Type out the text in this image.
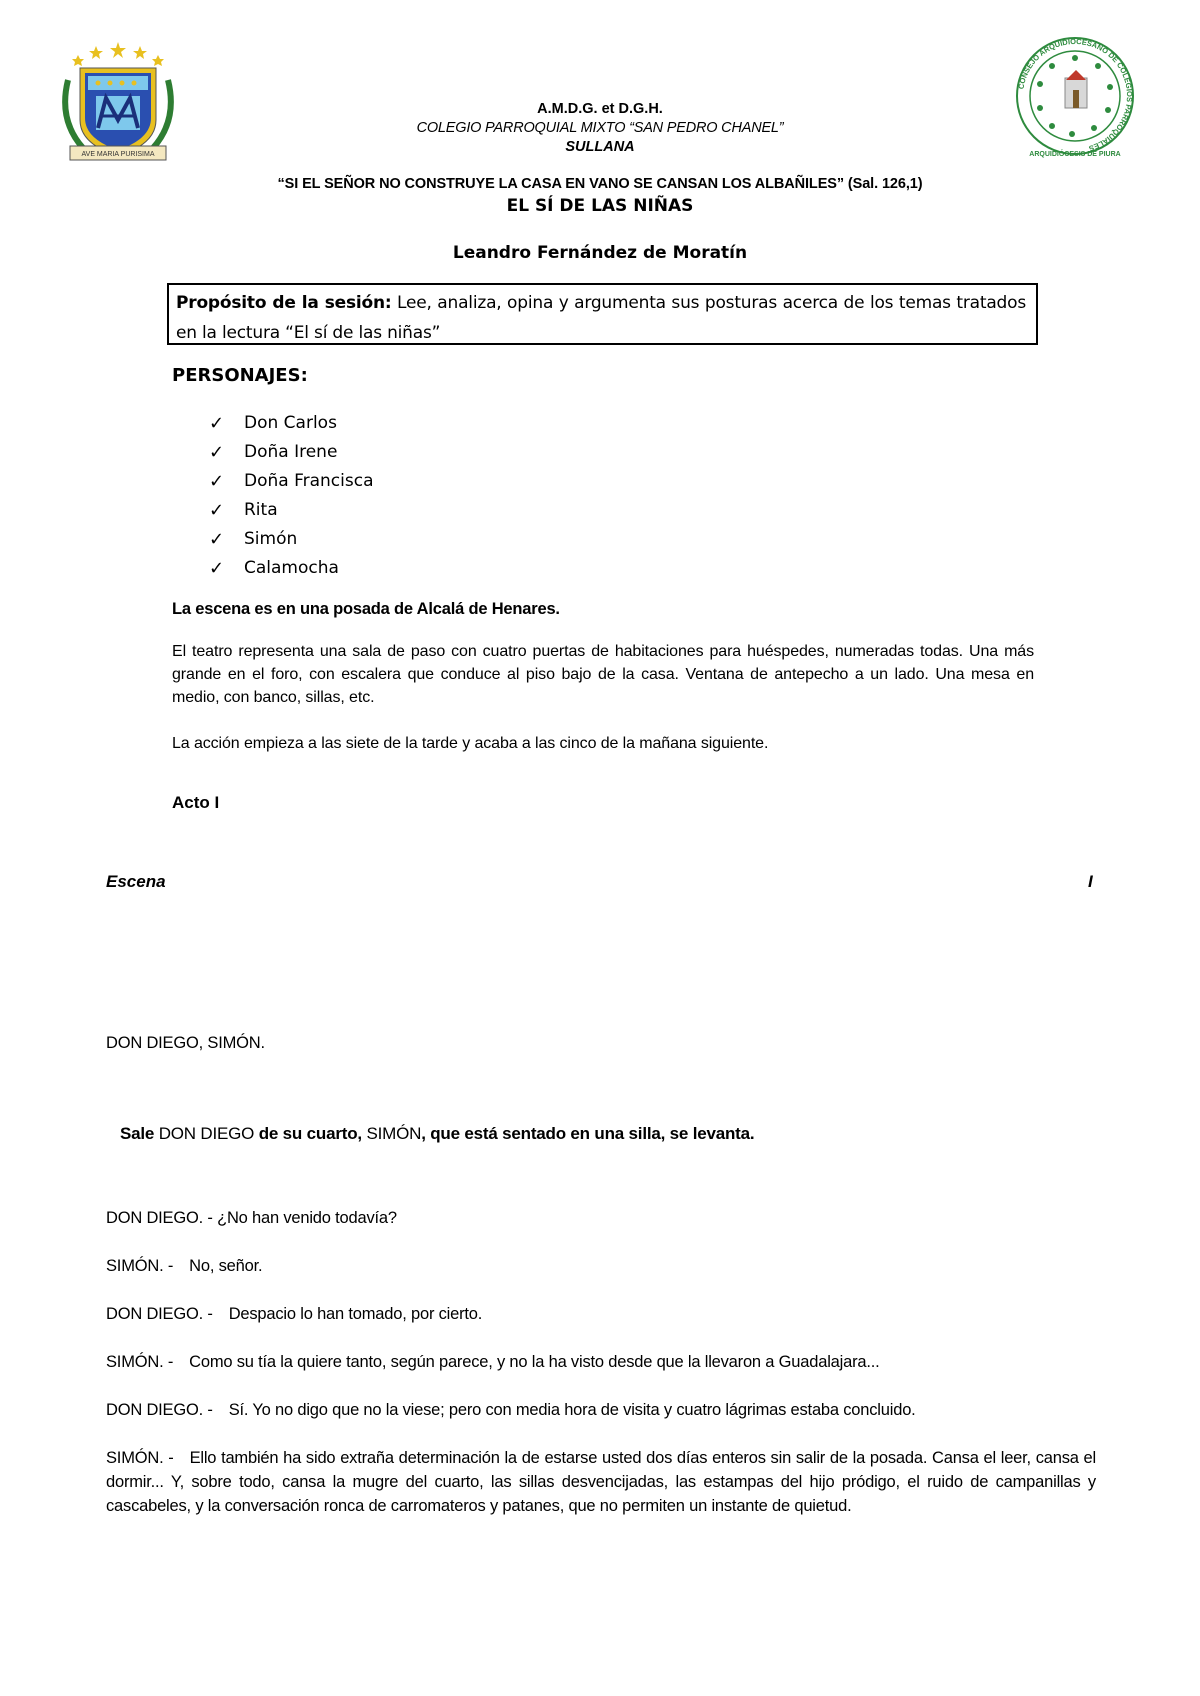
AVE MARIA PURISIMA
CONSEJO ARQUIDIOCESANO DE COLEGIOS PARROQUIALES
ARQUIDIÓCESIS DE PIURA
A.M.D.G. et D.G.H.
COLEGIO PARROQUIAL MIXTO “SAN PEDRO CHANEL”
SULLANA
“SI EL SEÑOR NO CONSTRUYE LA CASA EN VANO SE CANSAN LOS ALBAÑILES” (Sal. 126,1)
EL SÍ DE LAS NIÑAS
Leandro Fernández de Moratín
Propósito de la sesión: Lee, analiza, opina y argumenta sus posturas acerca de los temas tratados en la lectura “El sí de las niñas”
PERSONAJES:
✓	Don Carlos
✓	Doña Irene
✓	Doña Francisca
✓	Rita
✓	Simón
✓	Calamocha
La escena es en una posada de Alcalá de Henares.
El teatro representa una sala de paso con cuatro puertas de habitaciones para huéspedes, numeradas todas. Una más grande en el foro, con escalera que conduce al piso bajo de la casa. Ventana de antepecho a un lado. Una mesa en medio, con banco, sillas, etc.
La acción empieza a las siete de la tarde y acaba a las cinco de la mañana siguiente.
Acto I
Escena	I
DON DIEGO, SIMÓN.
Sale DON DIEGO de su cuarto, SIMÓN, que está sentado en una silla, se levanta.
DON DIEGO. - ¿No han venido todavía?
SIMÓN. - No, señor.
DON DIEGO. - Despacio lo han tomado, por cierto.
SIMÓN. - Como su tía la quiere tanto, según parece, y no la ha visto desde que la llevaron a Guadalajara...
DON DIEGO. - Sí. Yo no digo que no la viese; pero con media hora de visita y cuatro lágrimas estaba concluido.
SIMÓN. - Ello también ha sido extraña determinación la de estarse usted dos días enteros sin salir de la posada. Cansa el leer, cansa el dormir... Y, sobre todo, cansa la mugre del cuarto, las sillas desvencijadas, las estampas del hijo pródigo, el ruido de campanillas y cascabeles, y la conversación ronca de carromateros y patanes, que no permiten un instante de quietud.
